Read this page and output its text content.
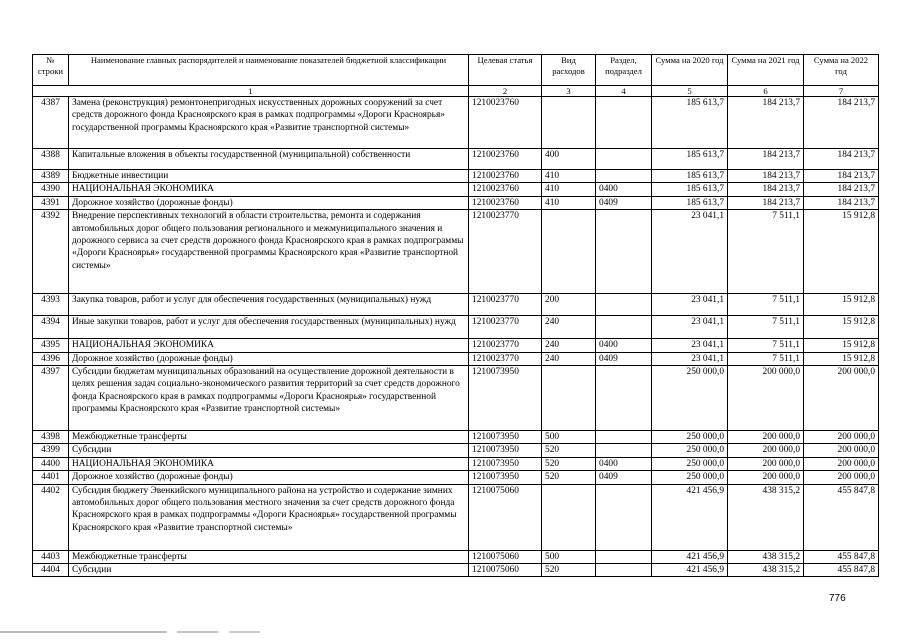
№ строки	Наименование главных распорядителей и наименование показателей бюджетной классификации	Целевая статья	Вид расходов	Раздел, подраздел	Сумма на 2020 год	Сумма на 2021 год	Сумма на 2022 год
1		2	3	4	5	6	7
4387	Замена (реконструкция) ремонтонепригодных искусственных дорожных сооружений за счет средств дорожного фонда Красноярского края в рамках подпрограммы «Дороги Красноярья» государственной программы Красноярского края «Развитие транспортной системы»	1210023760			185 613,7	184 213,7	184 213,7
4388	Капитальные вложения в объекты государственной (муниципальной) собственности	1210023760	400		185 613,7	184 213,7	184 213,7
4389	Бюджетные инвестиции	1210023760	410		185 613,7	184 213,7	184 213,7
4390	НАЦИОНАЛЬНАЯ ЭКОНОМИКА	1210023760	410	0400	185 613,7	184 213,7	184 213,7
4391	Дорожное хозяйство (дорожные фонды)	1210023760	410	0409	185 613,7	184 213,7	184 213,7
4392	Внедрение перспективных технологий в области строительства, ремонта и содержания автомобильных дорог общего пользования регионального и межмуниципального значения и дорожного сервиса за счет средств дорожного фонда Красноярского края в рамках подпрограммы «Дороги Красноярья» государственной программы Красноярского края «Развитие транспортной системы»	1210023770			23 041,1	7 511,1	15 912,8
4393	Закупка товаров, работ и услуг для обеспечения государственных (муниципальных) нужд	1210023770	200		23 041,1	7 511,1	15 912,8
4394	Иные закупки товаров, работ и услуг для обеспечения государственных (муниципальных) нужд	1210023770	240		23 041,1	7 511,1	15 912,8
4395	НАЦИОНАЛЬНАЯ ЭКОНОМИКА	1210023770	240	0400	23 041,1	7 511,1	15 912,8
4396	Дорожное хозяйство (дорожные фонды)	1210023770	240	0409	23 041,1	7 511,1	15 912,8
4397	Субсидии бюджетам муниципальных образований на осуществление дорожной деятельности в целях решения задач социально-экономического развития территорий за счет средств дорожного фонда Красноярского края в рамках подпрограммы «Дороги Красноярья» государственной программы Красноярского края «Развитие транспортной системы»	1210073950			250 000,0	200 000,0	200 000,0
4398	Межбюджетные трансферты	1210073950	500		250 000,0	200 000,0	200 000,0
4399	Субсидии	1210073950	520		250 000,0	200 000,0	200 000,0
4400	НАЦИОНАЛЬНАЯ ЭКОНОМИКА	1210073950	520	0400	250 000,0	200 000,0	200 000,0
4401	Дорожное хозяйство (дорожные фонды)	1210073950	520	0409	250 000,0	200 000,0	200 000,0
4402	Субсидия бюджету Эвенкийского муниципального района на устройство и содержание зимних автомобильных дорог общего пользования местного значения за счет средств дорожного фонда Красноярского края в рамках подпрограммы «Дороги Красноярья» государственной программы Красноярского края «Развитие транспортной системы»	1210075060			421 456,9	438 315,2	455 847,8
4403	Межбюджетные трансферты	1210075060	500		421 456,9	438 315,2	455 847,8
4404	Субсидии	1210075060	520		421 456,9	438 315,2	455 847,8
776
